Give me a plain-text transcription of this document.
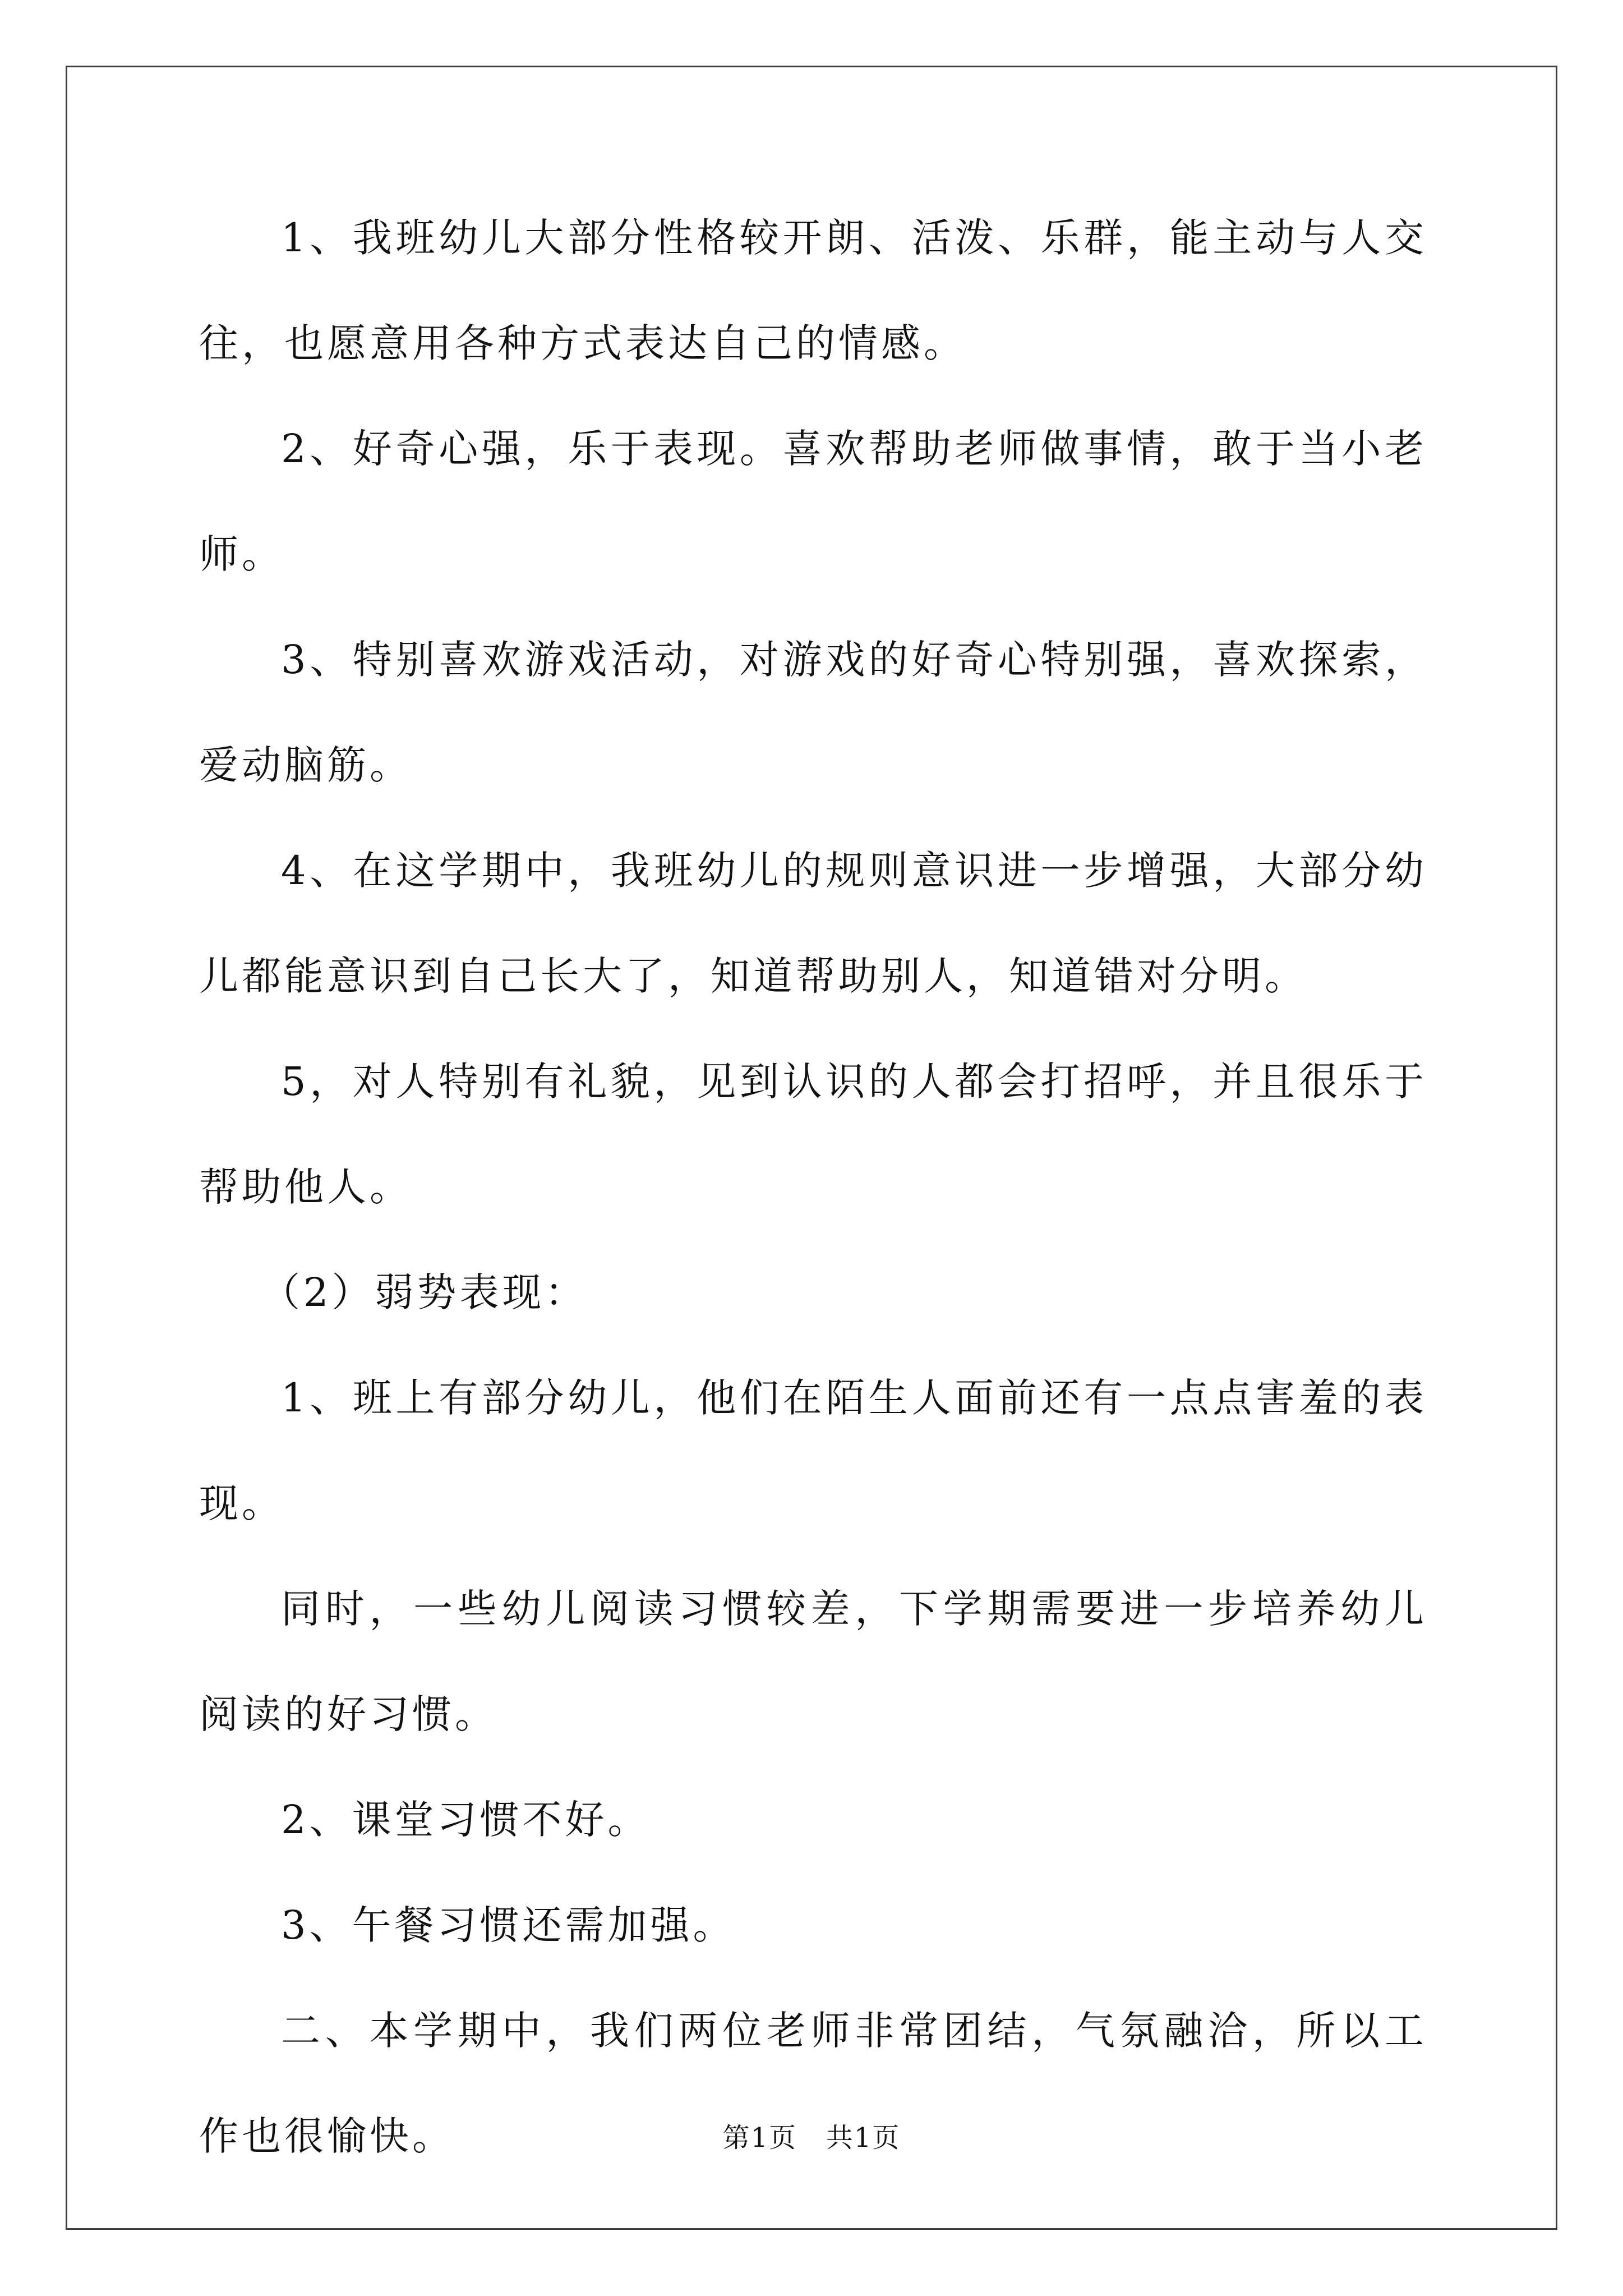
1、我班幼儿大部分性格较开朗、活泼、乐群，能主动与人交往，也愿意用各种方式表达自己的情感。

2、好奇心强，乐于表现。喜欢帮助老师做事情，敢于当小老师。

3、特别喜欢游戏活动，对游戏的好奇心特别强，喜欢探索，爱动脑筋。

4、在这学期中，我班幼儿的规则意识进一步增强，大部分幼儿都能意识到自己长大了，知道帮助别人，知道错对分明。

5，对人特别有礼貌，见到认识的人都会打招呼，并且很乐于帮助他人。

（2）弱势表现：

1、班上有部分幼儿，他们在陌生人面前还有一点点害羞的表现。

同时，一些幼儿阅读习惯较差，下学期需要进一步培养幼儿阅读的好习惯。

2、课堂习惯不好。

3、午餐习惯还需加强。

二、本学期中，我们两位老师非常团结，气氛融洽，所以工作也很愉快。	第1页 共1页
